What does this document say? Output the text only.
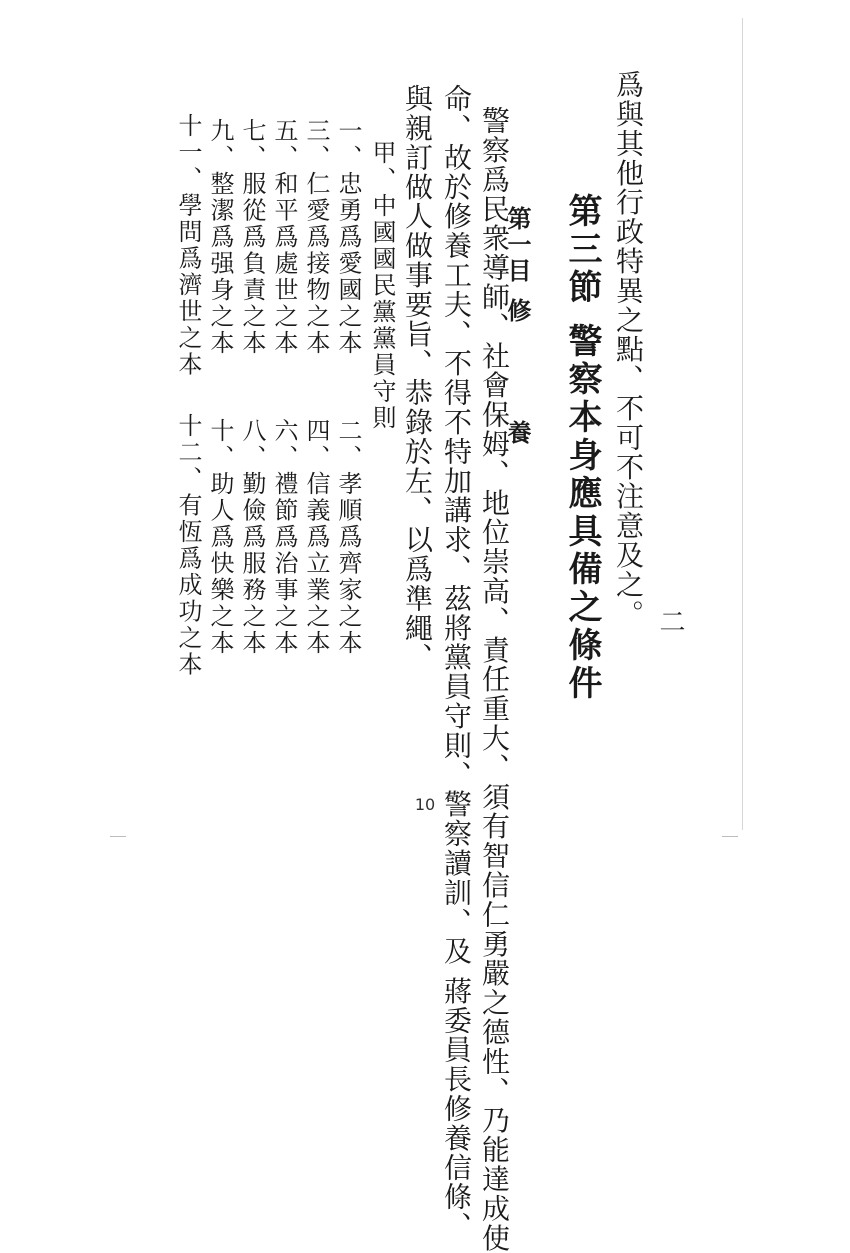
爲與其他行政特異之點、不可不注意及之。
第三節 警察本身應具備之條件
第一目修養
警察爲民衆導師、社會保姆、地位崇高、責任重大、須有智信仁勇嚴之德性、乃能達成使
命、故於修養工夫、不得不特加講求、茲將黨員守則、警察讀訓、及 蔣委員長修養信條、
與親訂做人做事要旨、恭錄於左、以爲準繩、
甲、中國國民黨黨員守則
一、忠勇爲愛國之本
三、仁愛爲接物之本
五、和平爲處世之本
七、服從爲負責之本
九、整潔爲强身之本
十一、學問爲濟世之本
二、孝順爲齊家之本
四、信義爲立業之本
六、禮節爲治事之本
八、勤儉爲服務之本
十、助人爲快樂之本
十二、有恆爲成功之本	二
10
